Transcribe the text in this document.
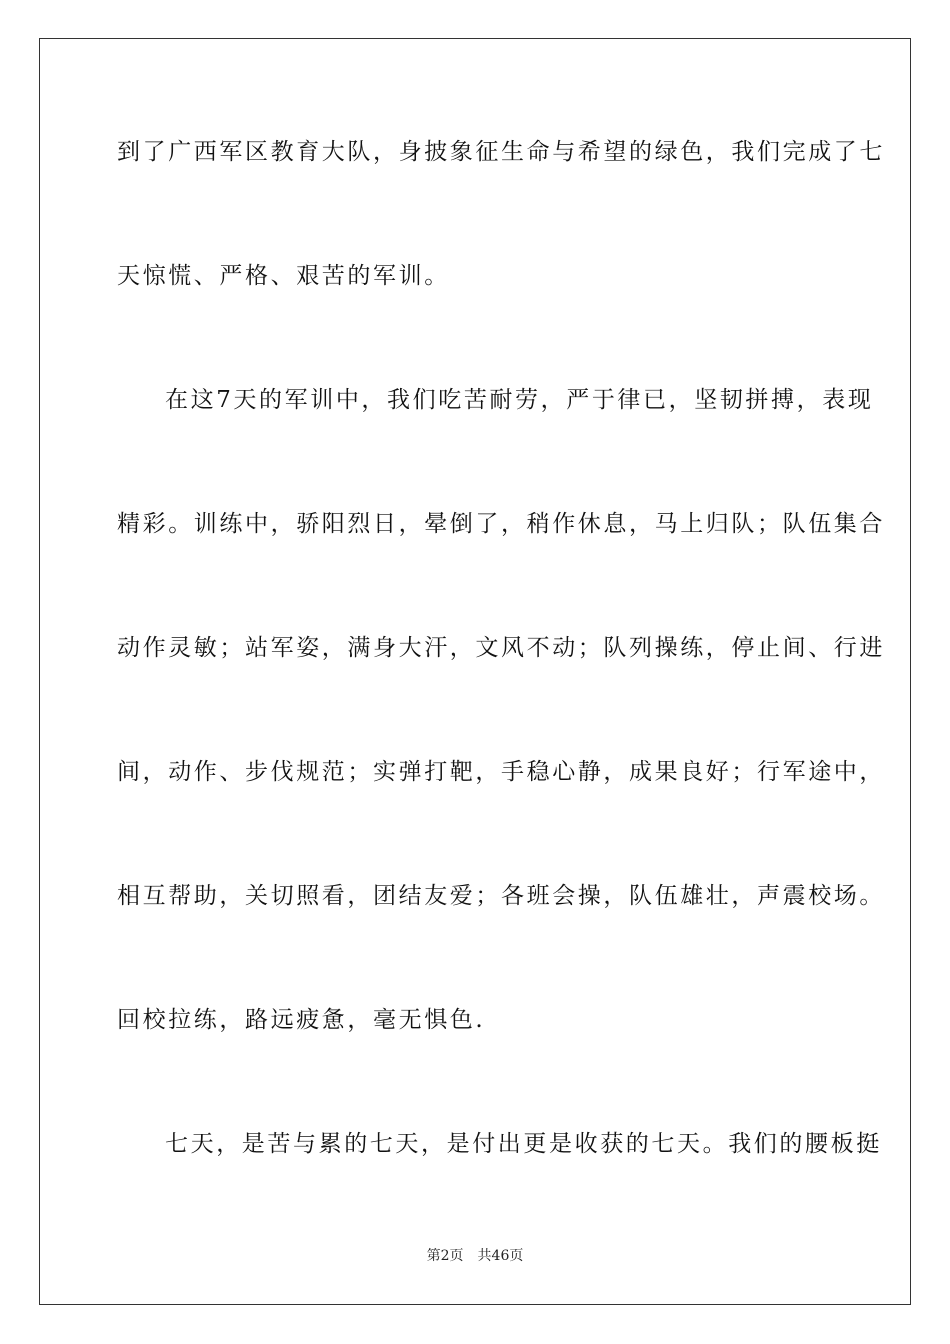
到了广西军区教育大队，身披象征生命与希望的绿色，我们完成了七
天惊慌、严格、艰苦的军训。
在这7天的军训中，我们吃苦耐劳，严于律已，坚韧拼搏，表现
精彩。训练中，骄阳烈日，晕倒了，稍作休息，马上归队；队伍集合
动作灵敏；站军姿，满身大汗，文风不动；队列操练，停止间、行进
间，动作、步伐规范；实弹打靶，手稳心静，成果良好；行军途中，
相互帮助，关切照看，团结友爱；各班会操，队伍雄壮，声震校场。
回校拉练，路远疲惫，毫无惧色.
七天，是苦与累的七天，是付出更是收获的七天。我们的腰板挺
第2页 共46页
